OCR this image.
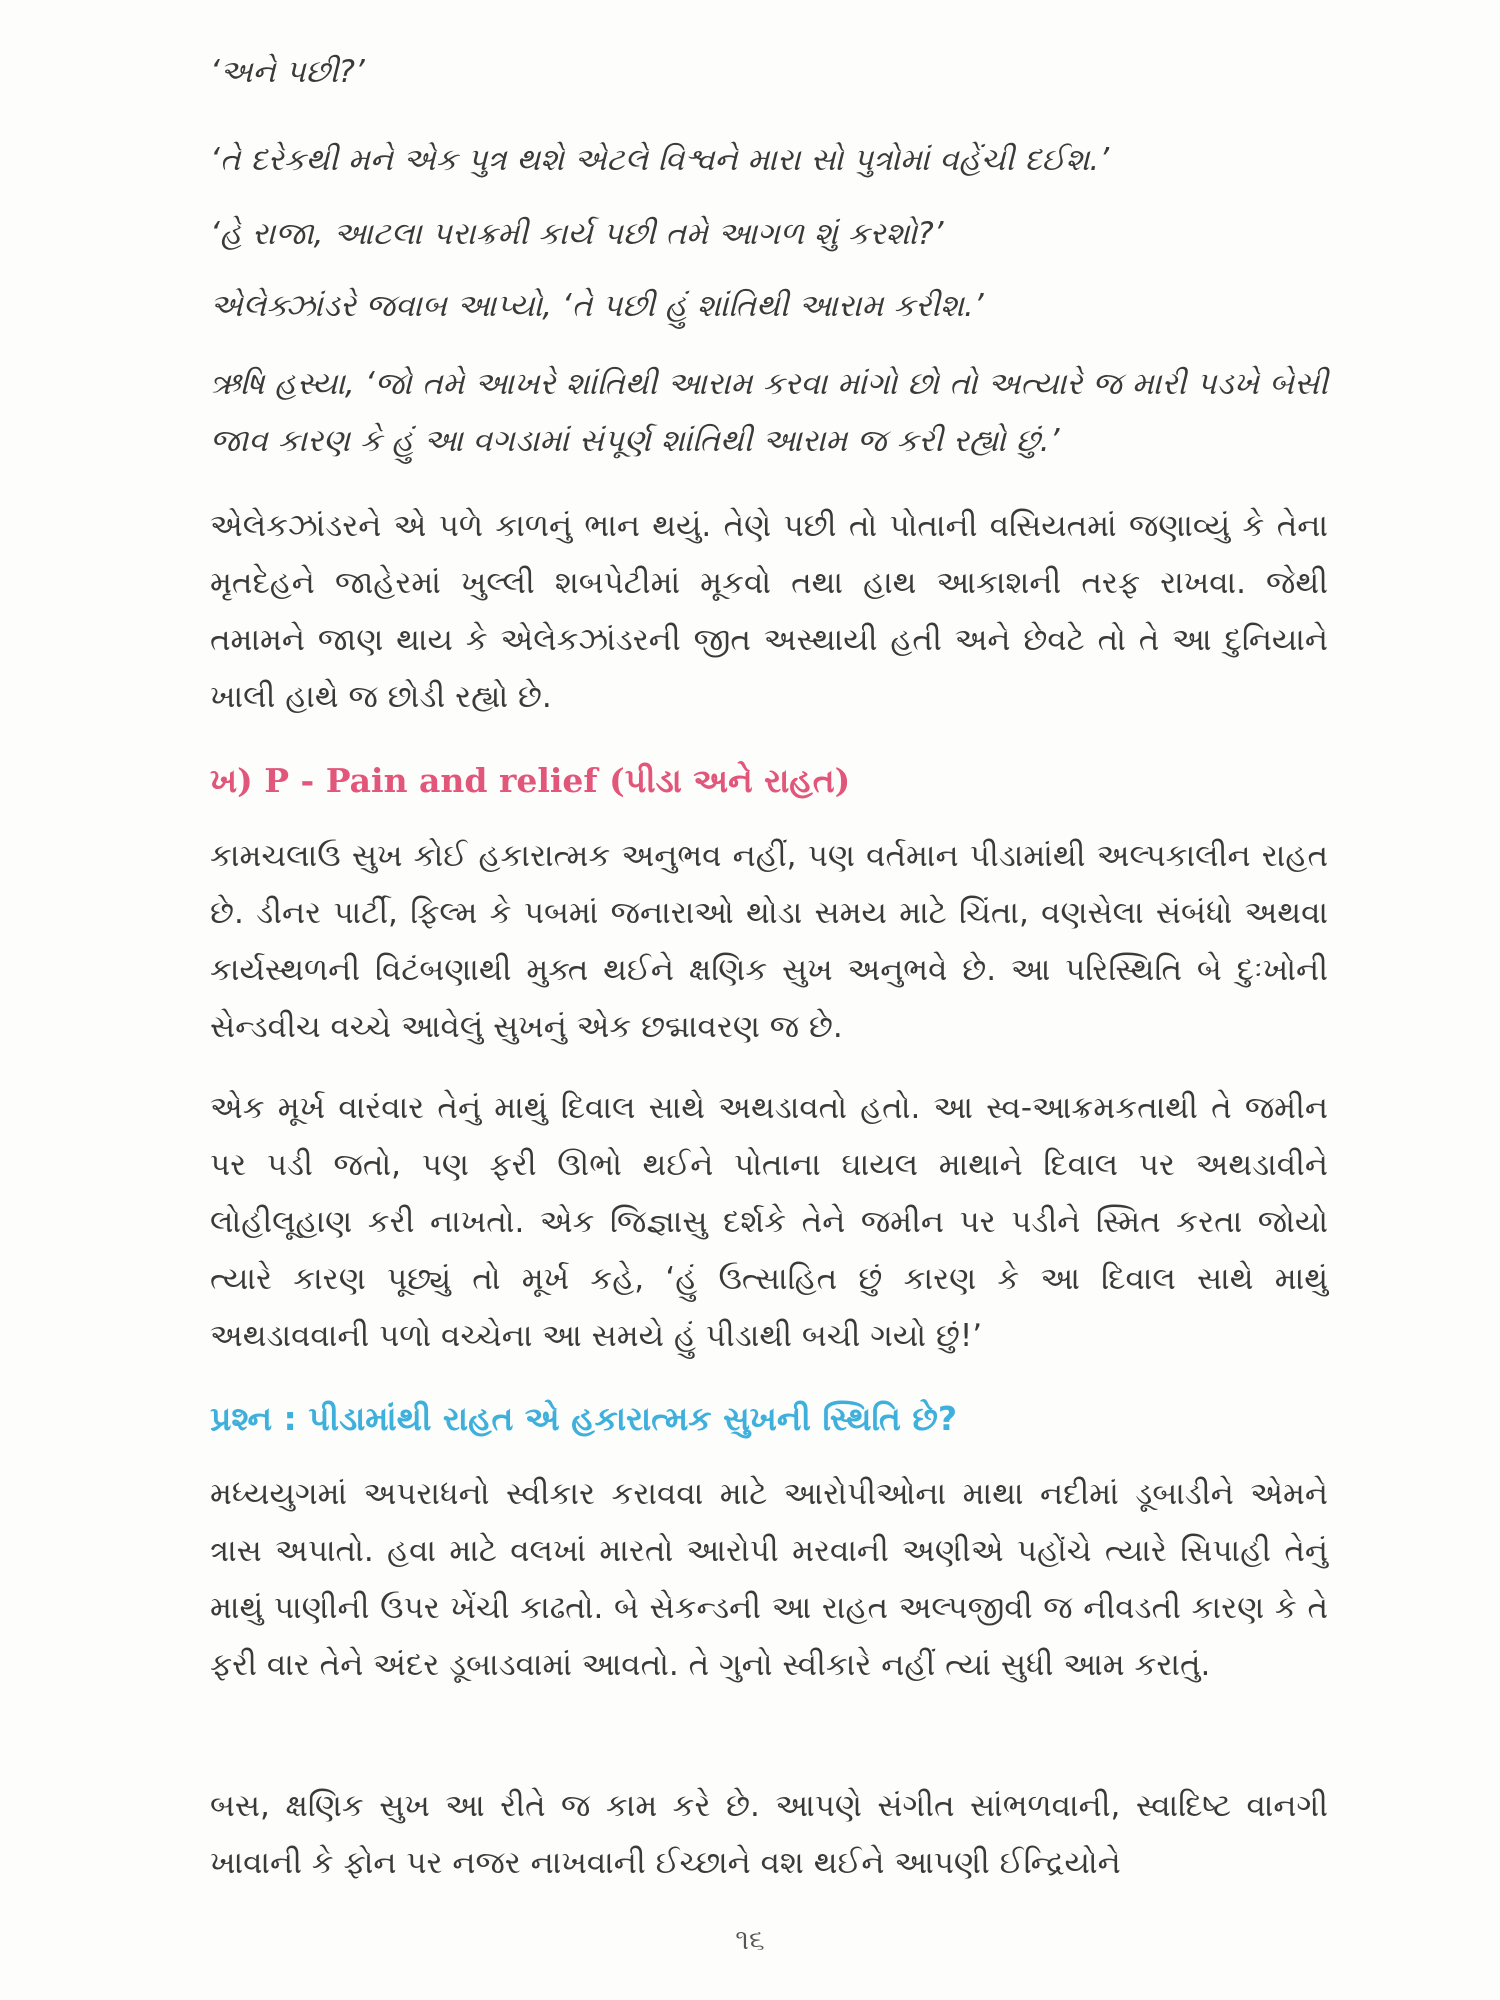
‘અને પછી?’

‘તે દરેકથી મને એક પુત્ર થશે એટલે વિશ્વને મારા સો પુત્રોમાં વહેંચી દઈશ.’

‘હે રાજા, આટલા પરાક્રમી કાર્ય પછી તમે આગળ શું કરશો?’

એલેક્ઝાંડરે જવાબ આપ્યો, ‘તે પછી હું શાંતિથી આરામ કરીશ.’

ઋષિ હસ્યા, ‘જો તમે આખરે શાંતિથી આરામ કરવા માંગો છો તો અત્યારે જ મારી પડખે બેસી જાવ કારણ કે હું આ વગડામાં સંપૂર્ણ શાંતિથી આરામ જ કરી રહ્યો છું.’

એલેકઝાંડરને એ પળે કાળનું ભાન થયું. તેણે પછી તો પોતાની વસિયતમાં જણાવ્યું કે તેના મૃતદેહને જાહેરમાં ખુલ્લી શબપેટીમાં મૂકવો તથા હાથ આકાશની તરફ રાખવા. જેથી તમામને જાણ થાય કે એલેકઝાંડરની જીત અસ્થાયી હતી અને છેવટે તો તે આ દુનિયાને ખાલી હાથે જ છોડી રહ્યો છે.

ખ) P - Pain and relief (પીડા અને રાહત)

કામચલાઉ સુખ કોઈ હકારાત્મક અનુભવ નહીં, પણ વર્તમાન પીડામાંથી અલ્પકાલીન રાહત છે. ડીનર પાર્ટી, ફિલ્મ કે પબમાં જનારાઓ થોડા સમય માટે ચિંતા, વણસેલા સંબંધો અથવા કાર્યસ્થળની વિટંબણાથી મુક્ત થઈને ક્ષણિક સુખ અનુભવે છે. આ પરિસ્થિતિ બે દુઃખોની સેન્ડવીચ વચ્ચે આવેલું સુખનું એક છદ્માવરણ જ છે.

એક મૂર્ખ વારંવાર તેનું માથું દિવાલ સાથે અથડાવતો હતો. આ સ્વ-આક્રમકતાથી તે જમીન પર પડી જતો, પણ ફરી ઊભો થઈને પોતાના ઘાયલ માથાને દિવાલ પર અથડાવીને લોહીલૂહાણ કરી નાખતો. એક જિજ્ઞાસુ દર્શકે તેને જમીન પર પડીને સ્મિત કરતા જોયો ત્યારે કારણ પૂછ્યું તો મૂર્ખ કહે, ‘હું ઉત્સાહિત છું કારણ કે આ દિવાલ સાથે માથું અથડાવવાની પળો વચ્ચેના આ સમયે હું પીડાથી બચી ગયો છું!’

પ્રશ્ન : પીડામાંથી રાહત એ હકારાત્મક સુખની સ્થિતિ છે?

મધ્યયુગમાં અપરાધનો સ્વીકાર કરાવવા માટે આરોપીઓના માથા નદીમાં ડૂબાડીને એમને ત્રાસ અપાતો. હવા માટે વલખાં મારતો આરોપી મરવાની અણીએ પહોંચે ત્યારે સિપાહી તેનું માથું પાણીની ઉપર ખેંચી કાઢતો. બે સેકન્ડની આ રાહત અલ્પજીવી જ નીવડતી કારણ કે તે ફરી વાર તેને અંદર ડૂબાડવામાં આવતો. તે ગુનો સ્વીકારે નહીં ત્યાં સુધી આમ કરાતું.

બસ, ક્ષણિક સુખ આ રીતે જ કામ કરે છે. આપણે સંગીત સાંભળવાની, સ્વાદિષ્ટ વાનગી ખાવાની કે ફોન પર નજર નાખવાની ઈચ્છાને વશ થઈને આપણી ઈન્દ્રિયોને

૧૬
